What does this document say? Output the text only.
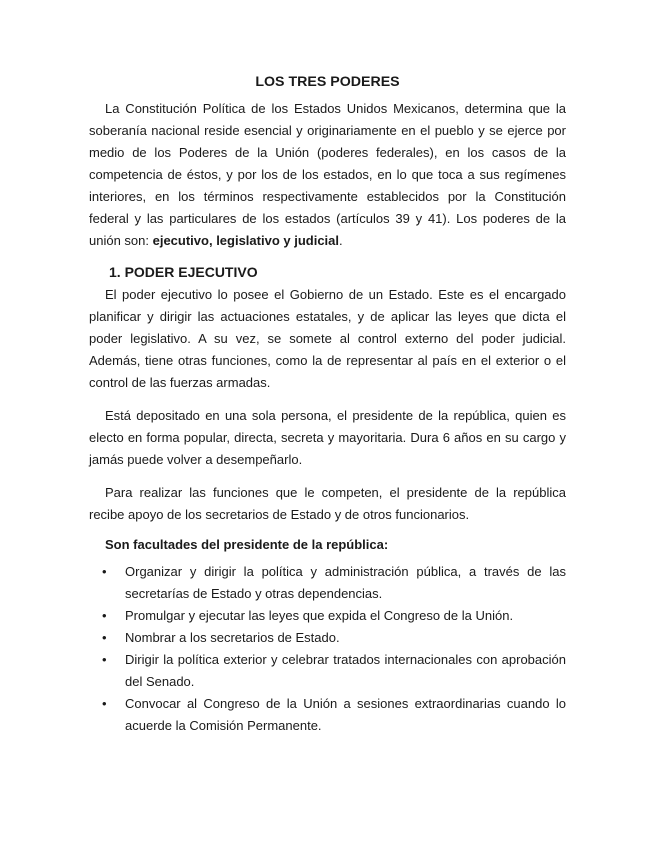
LOS TRES PODERES

La Constitución Política de los Estados Unidos Mexicanos, determina que la soberanía nacional reside esencial y originariamente en el pueblo y se ejerce por medio de los Poderes de la Unión (poderes federales), en los casos de la competencia de éstos, y por los de los estados, en lo que toca a sus regímenes interiores, en los términos respectivamente establecidos por la Constitución federal y las particulares de los estados (artículos 39 y 41). Los poderes de la unión son: ejecutivo, legislativo y judicial.

1. PODER EJECUTIVO

El poder ejecutivo lo posee el Gobierno de un Estado. Este es el encargado planificar y dirigir las actuaciones estatales, y de aplicar las leyes que dicta el poder legislativo. A su vez, se somete al control externo del poder judicial. Además, tiene otras funciones, como la de representar al país en el exterior o el control de las fuerzas armadas.

Está depositado en una sola persona, el presidente de la república, quien es electo en forma popular, directa, secreta y mayoritaria. Dura 6 años en su cargo y jamás puede volver a desempeñarlo.

Para realizar las funciones que le competen, el presidente de la república recibe apoyo de los secretarios de Estado y de otros funcionarios.

Son facultades del presidente de la república:
• Organizar y dirigir la política y administración pública, a través de las secretarías de Estado y otras dependencias.
• Promulgar y ejecutar las leyes que expida el Congreso de la Unión.
• Nombrar a los secretarios de Estado.
• Dirigir la política exterior y celebrar tratados internacionales con aprobación del Senado.
• Convocar al Congreso de la Unión a sesiones extraordinarias cuando lo acuerde la Comisión Permanente.
